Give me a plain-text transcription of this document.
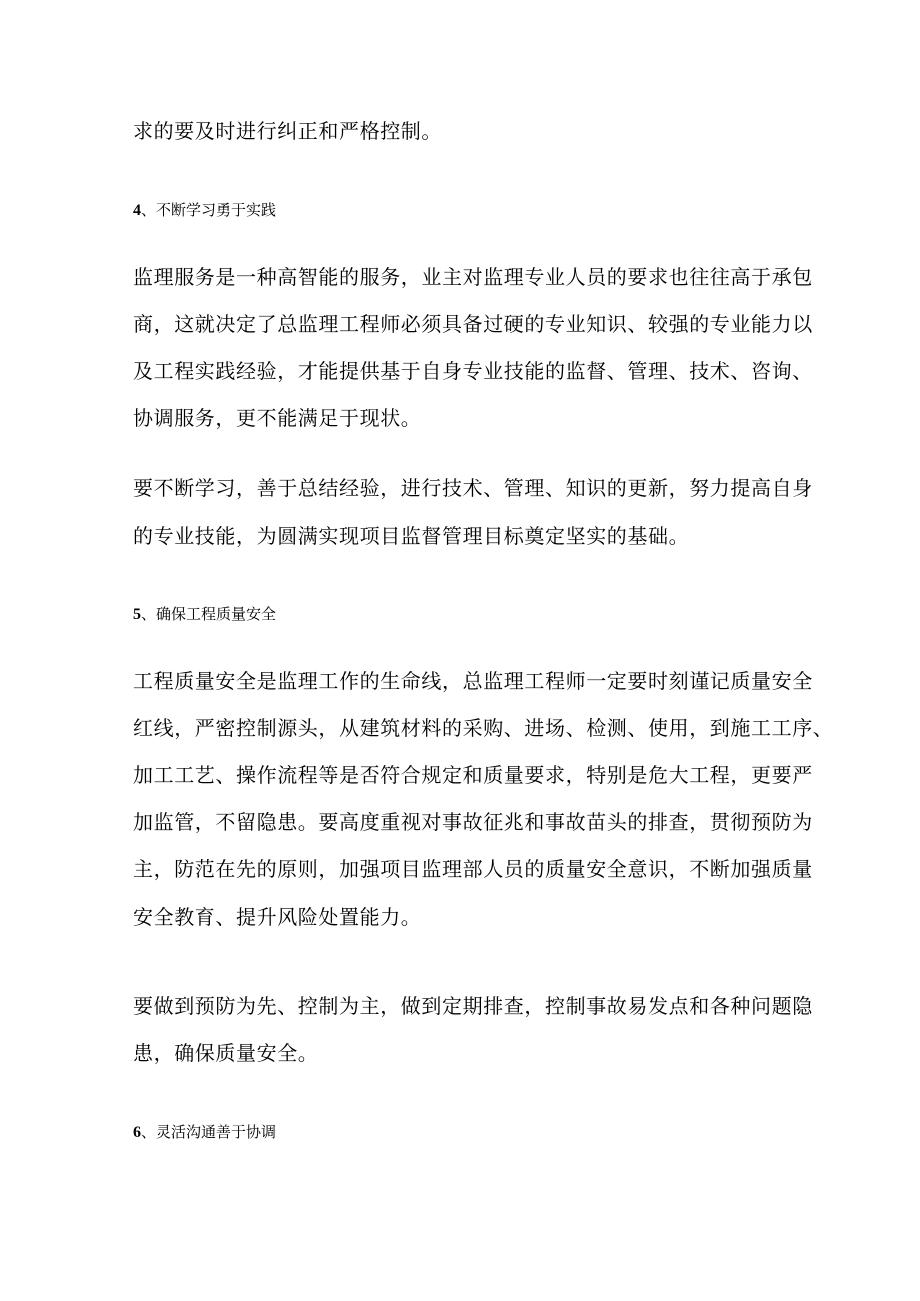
求的要及时进行纠正和严格控制。

4、不断学习勇于实践

监理服务是一种高智能的服务，业主对监理专业人员的要求也往往高于承包

商，这就决定了总监理工程师必须具备过硬的专业知识、较强的专业能力以

及工程实践经验，才能提供基于自身专业技能的监督、管理、技术、咨询、

协调服务，更不能满足于现状。

要不断学习，善于总结经验，进行技术、管理、知识的更新，努力提高自身

的专业技能，为圆满实现项目监督管理目标奠定坚实的基础。

5、确保工程质量安全

工程质量安全是监理工作的生命线，总监理工程师一定要时刻谨记质量安全

红线，严密控制源头，从建筑材料的采购、进场、检测、使用，到施工工序、

加工工艺、操作流程等是否符合规定和质量要求，特别是危大工程，更要严

加监管，不留隐患。要高度重视对事故征兆和事故苗头的排查，贯彻预防为

主，防范在先的原则，加强项目监理部人员的质量安全意识，不断加强质量

安全教育、提升风险处置能力。

要做到预防为先、控制为主，做到定期排查，控制事故易发点和各种问题隐

患，确保质量安全。

6、灵活沟通善于协调
